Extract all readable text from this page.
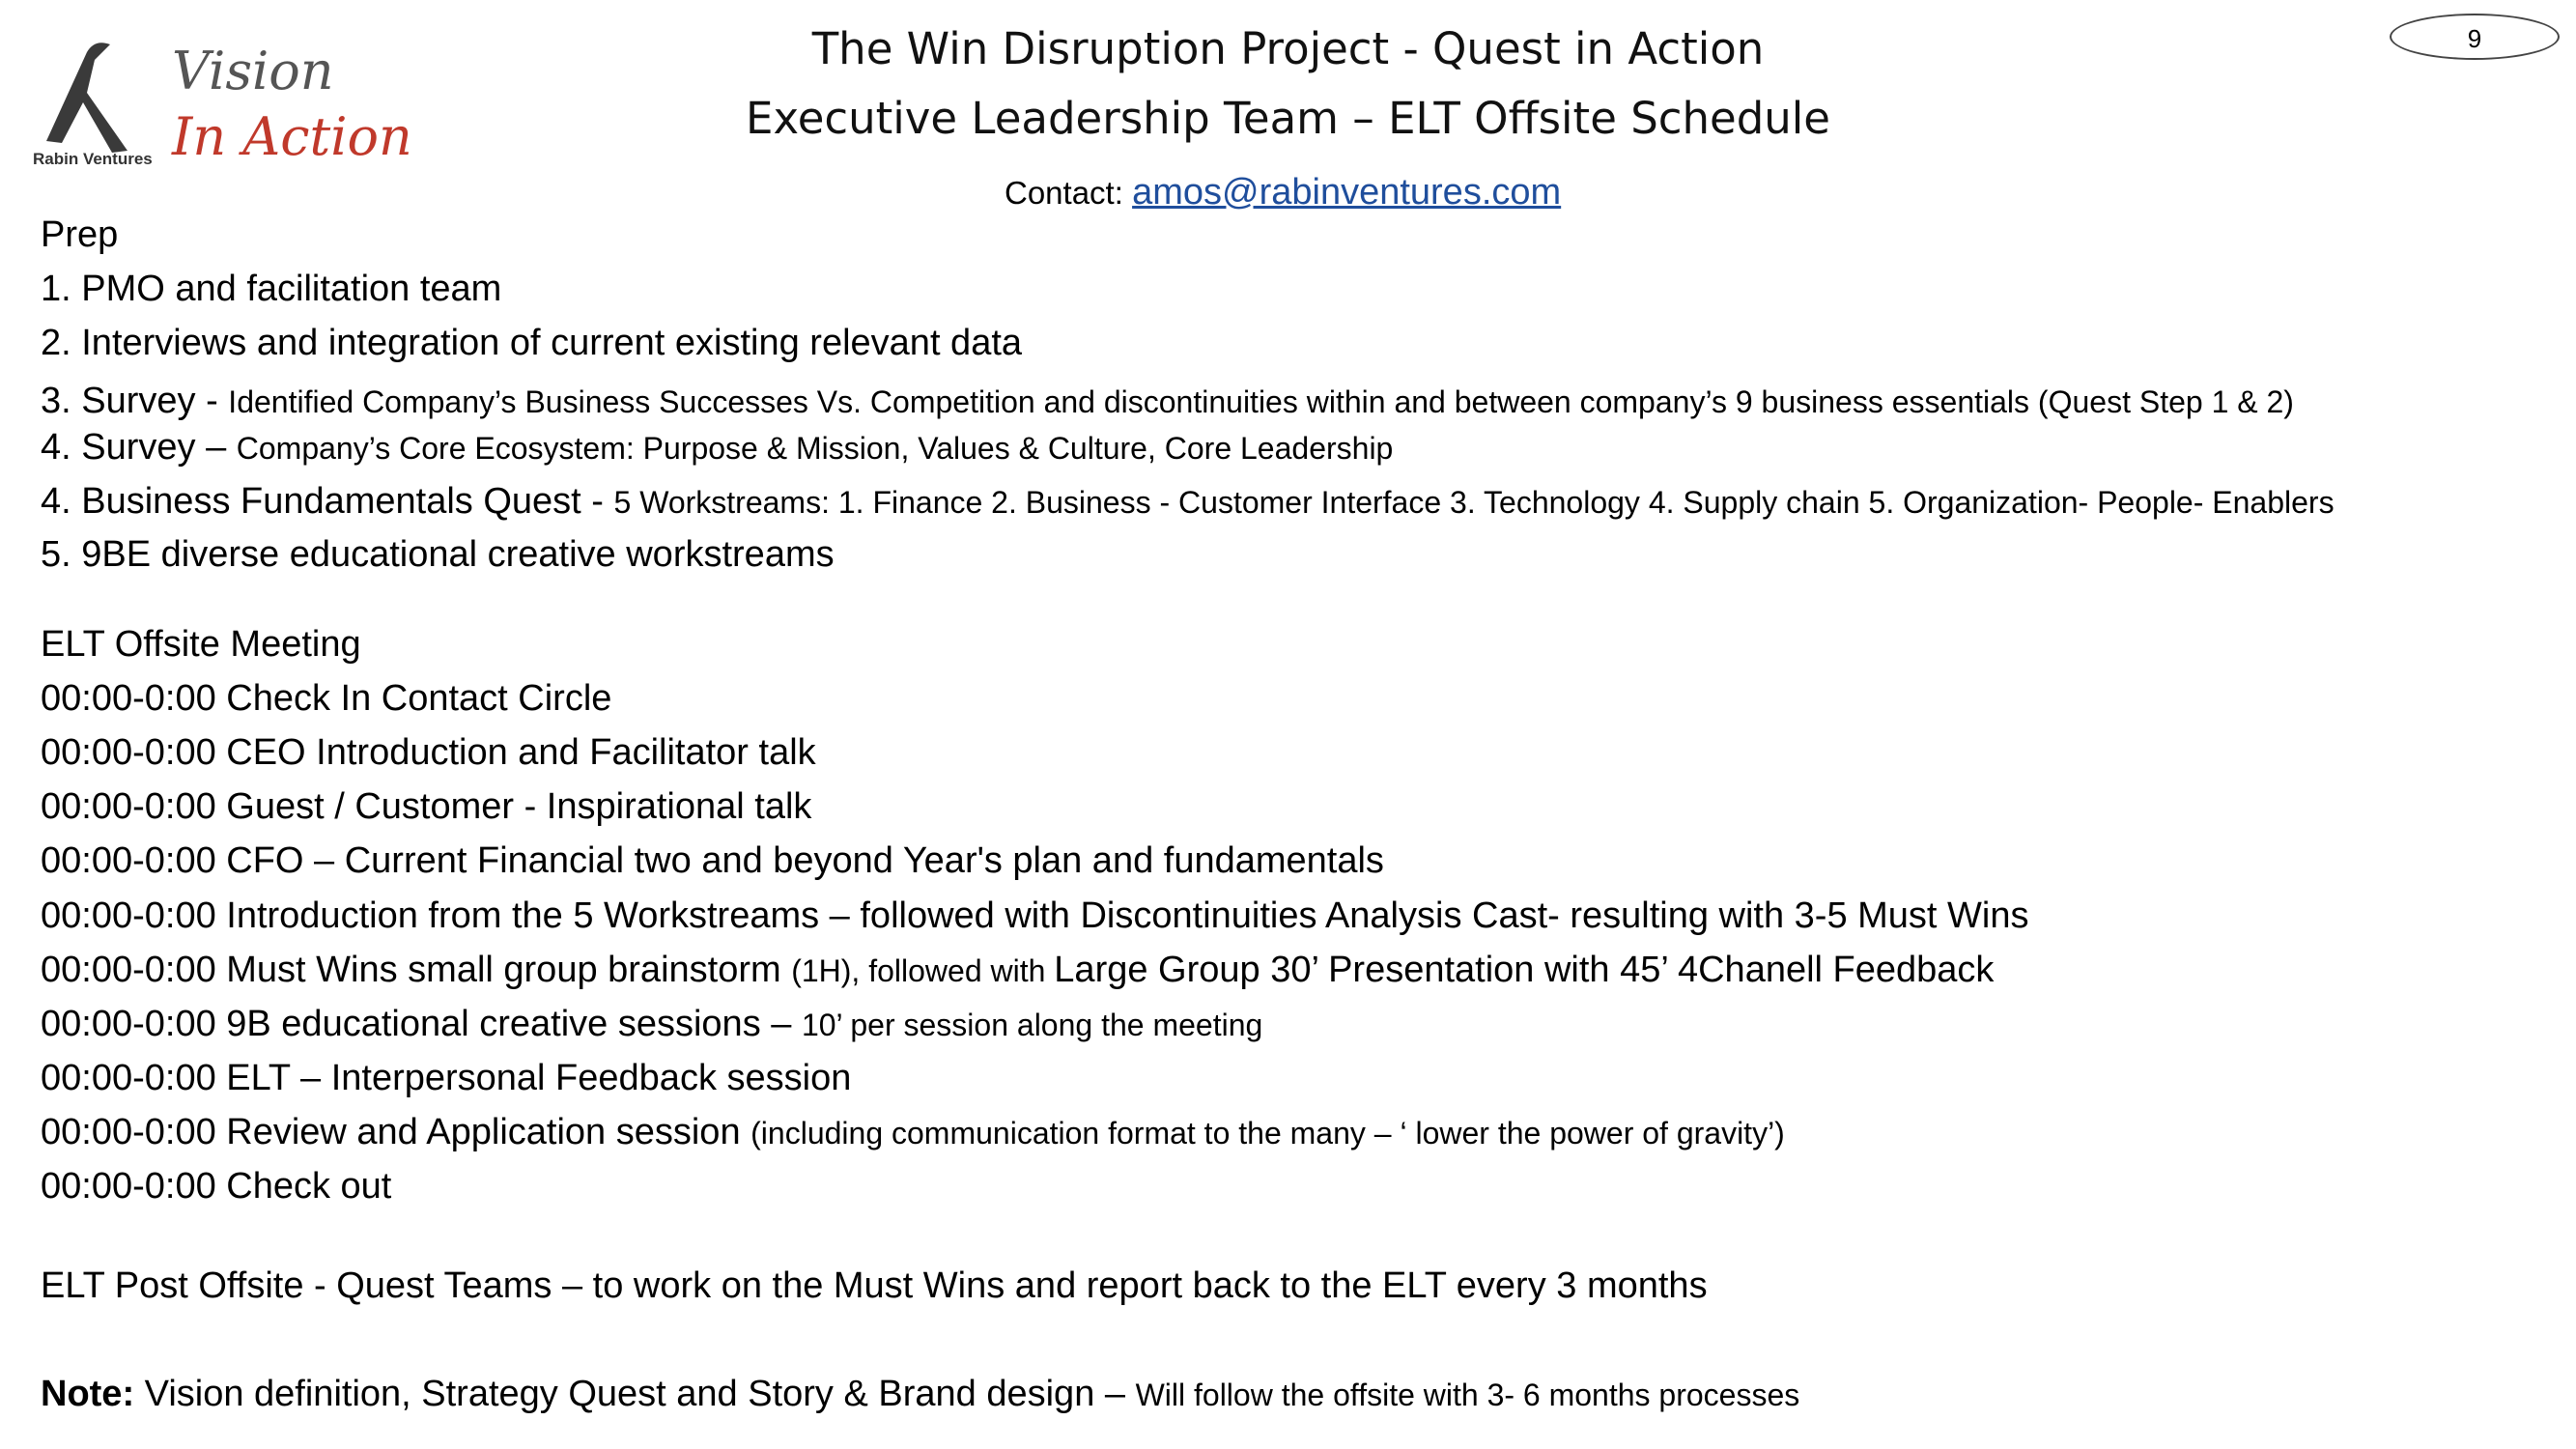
Rabin Ventures
Vision
In Action
The Win Disruption Project - Quest in Action
Executive Leadership Team – ELT Offsite Schedule
Contact: amos@rabinventures.com
9
Prep
1. PMO and facilitation team
2. Interviews and integration of current existing relevant data
3. Survey - Identified Company’s Business Successes Vs. Competition and discontinuities within and between company’s 9 business essentials (Quest Step 1 & 2)
4. Survey – Company’s Core Ecosystem: Purpose & Mission, Values & Culture, Core Leadership
4. Business Fundamentals Quest - 5 Workstreams: 1. Finance 2. Business - Customer Interface 3. Technology 4. Supply chain 5. Organization- People- Enablers
5. 9BE diverse educational creative workstreams
ELT Offsite Meeting
00:00-0:00 Check In Contact Circle
00:00-0:00 CEO Introduction and Facilitator talk
00:00-0:00 Guest / Customer - Inspirational talk
00:00-0:00 CFO – Current Financial two and beyond Year's plan and fundamentals
00:00-0:00 Introduction from the 5 Workstreams – followed with Discontinuities Analysis Cast- resulting with 3-5 Must Wins
00:00-0:00 Must Wins small group brainstorm (1H), followed with Large Group 30’ Presentation with 45’ 4Chanell Feedback
00:00-0:00 9B educational creative sessions – 10’ per session along the meeting
00:00-0:00 ELT – Interpersonal Feedback session
00:00-0:00 Review and Application session (including communication format to the many – ‘ lower the power of gravity’)
00:00-0:00 Check out
ELT Post Offsite - Quest Teams – to work on the Must Wins and report back to the ELT every 3 months
Note: Vision definition, Strategy Quest and Story & Brand design – Will follow the offsite with 3- 6 months processes
